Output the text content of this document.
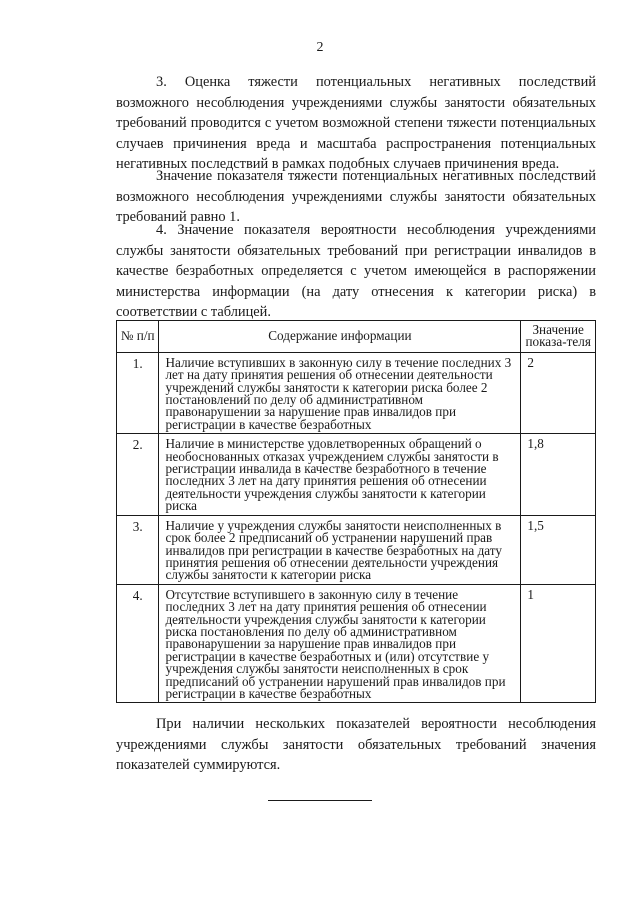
2

3. Оценка тяжести потенциальных негативных последствий возможного несоблюдения учреждениями службы занятости обязательных требований проводится с учетом возможной степени тяжести потенциальных случаев причинения вреда и масштаба распространения потенциальных негативных последствий в рамках подобных случаев причинения вреда.

Значение показателя тяжести потенциальных негативных последствий возможного несоблюдения учреждениями службы занятости обязательных требований равно 1.

4. Значение показателя вероятности несоблюдения учреждениями службы занятости обязательных требований при регистрации инвалидов в качестве безработных определяется с учетом имеющейся в распоряжении министерства информации (на дату отнесения к категории риска) в соответствии с таблицей.

№ п/п	Содержание информации	Значение показа-теля
1.	Наличие вступивших в законную силу в течение последних 3 лет на дату принятия решения об отнесении деятельности учреждений службы занятости к категории риска более 2 постановлений по делу об административном правонарушении за нарушение прав инвалидов при регистрации в качестве безработных	2
2.	Наличие в министерстве удовлетворенных обращений о необоснованных отказах учреждением службы занятости в регистрации инвалида в качестве безработного в течение последних 3 лет на дату принятия решения об отнесении деятельности учреждения службы занятости к категории риска	1,8
3.	Наличие у учреждения службы занятости неисполненных в срок более 2 предписаний об устранении нарушений прав инвалидов при регистрации в качестве безработных на дату принятия решения об отнесении деятельности учреждения службы занятости к категории риска	1,5
4.	Отсутствие вступившего в законную силу в течение последних 3 лет на дату принятия решения об отнесении деятельности учреждения службы занятости к категории риска постановления по делу об административном правонарушении за нарушение прав инвалидов при регистрации в качестве безработных и (или) отсутствие у учреждения службы занятости неисполненных в срок предписаний об устранении нарушений прав инвалидов при регистрации в качестве безработных	1

При наличии нескольких показателей вероятности несоблюдения учреждениями службы занятости обязательных требований значения показателей суммируются.
